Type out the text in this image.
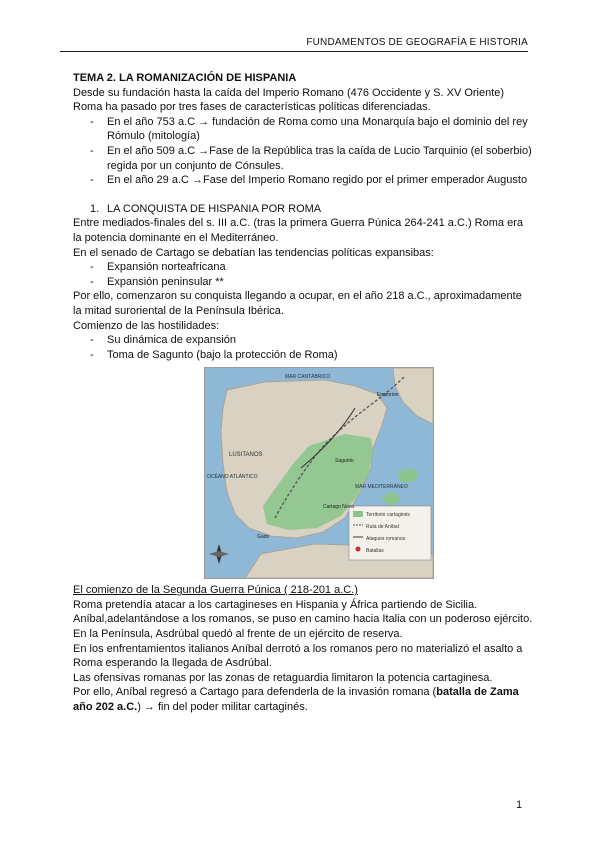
FUNDAMENTOS DE GEOGRAFÍA E HISTORIA

TEMA 2. LA ROMANIZACIÓN DE HISPANIA

Desde su fundación hasta la caída del Imperio Romano (476 Occidente y S. XV Oriente)

Roma ha pasado por tres fases de características políticas diferenciadas.

- En el año 753 a.C → fundación de Roma como una Monarquía bajo el dominio del rey Rómulo (mitología)
- En el año 509 a.C →Fase de la República tras la caída de Lucio Tarquinio (el soberbio) regida por un conjunto de Cónsules.
- En el año 29 a.C →Fase del Imperio Romano regido por el primer emperador Augusto

1. LA CONQUISTA DE HISPANIA POR ROMA

Entre mediados-finales del s. III a.C. (tras la primera Guerra Púnica 264-241 a.C.) Roma era la potencia dominante en el Mediterráneo.

En el senado de Cartago se debatían las tendencias políticas expansibas:

- Expansión norteafricana
- Expansión peninsular **

Por ello, comenzaron su conquista llegando a ocupar, en el año 218 a.C., aproximadamente la mitad suroriental de la Península Ibérica.

Comienzo de las hostilidades:

- Su dinámica de expansión
- Toma de Sagunto (bajo la protección de Roma)
Territorio cartaginés
Ruta de Aníbal
Ataques romanos
Batallas
MAR CANTÁBRICO
MAR MEDITERRÁNEO
OCÉANO ATLÁNTICO
LUSITANOS
Sagunto
Cartago Nova
Gadir
Emporion

El comienzo de la Segunda Guerra Púnica ( 218-201 a.C.)

Roma pretendía atacar a los cartagineses en Hispania y África partiendo de Sicilia.

Aníbal,adelantándose a los romanos, se puso en camino hacia Italia con un poderoso ejército.

En la Península, Asdrúbal quedó al frente de un ejército de reserva.

En los enfrentamientos italianos Aníbal derrotó a los romanos pero no materializó el asalto a Roma esperando la llegada de Asdrúbal.

Las ofensivas romanas por las zonas de retaguardia limitaron la potencia cartaginesa.

Por ello, Aníbal regresó a Cartago para defenderla de la invasión romana (batalla de Zama año 202 a.C.) → fin del poder militar cartaginés.

1
